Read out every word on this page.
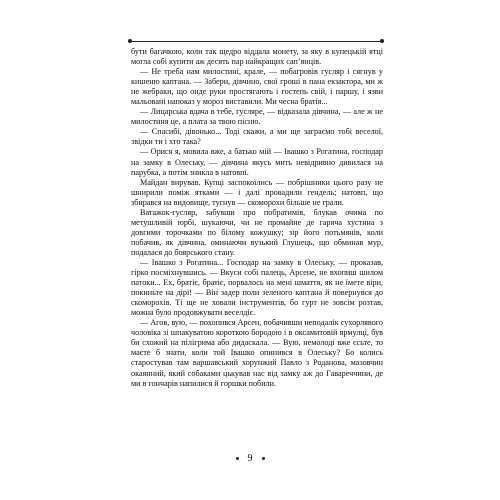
бути багачкою, коли так щедро віддала монету, за яку в купецькій ятці могла собі купити аж десять пар найкращих сап’янців.

— Не треба нам милостині, крале, — побагровів гусляр і сягнув у кишеню каптана. — Забери, дівчино, свої гроші в пана екзактора, ми ж не жебраки, що онде руки простягають і гостепь свій, і паршу, і язви мальовані напоказ у мороз виставили. Ми чесна братія...

— Лицарська вдача в тебе, гусляре, — відказала дівчина, — але ж не милостиня це, а плата за твою пісню.

— Спасибі, дівонько... Тоді скажи, а ми ще заграємо тобі веселої, звідки ти і хто така?

— Орися я, мовила вже, а батько мій — Івашко з Рогатина, господар на замку в Олеську, — дівчина якусь мить невідривно дивилася на парубка, а потім зникла в натовпі.

Майдан вирував. Купці заспокоїлись — побрішники цього разу не шнирили поміж ятками — і далі провадили гендель; натовп, що збирався на видовище, тугнув — скоморохи більше не грали.

Ватажок-гусляр, забувши про побратимів, блукав очима по метушливій юрбі, шукаючи, чи не промайне де гаряча хустина з довгими торочками по білому кожушку; зір його потьмянів, коли побачив, як дівчина, оминаючи вузький Глушець, що обминав мур, подалася до боярського стану.

— Івашко з Рогатина... Господар на замку в Олеську, — проказав, гірко посміхнувшись. — Вкуси собі палець, Арсене, не вхопиш шилом патоки... Ех, братіє, братіє, порвалось на мені шмаття, як не їмете віри, покиньте на дірі! — Він задер поли зеленого каптана й повернувся до скоморохів. Ті ще не ховали інструментів, бо гурт не зовсім розтав, можна було продовжувати веселдіє.

— Агов, вую, — похопився Арсен, побачивши неподалік сухорлявого чоловіка зі шпакуватою короткою бородою і в оксамитовій ярмулці, був би схожий на пілігрима або дидаскала. — Вую, немолоді вже єсьте, то маєте б знати, коли той Івашко опинився в Олеську? Бо колись старостував там варшавський хорунжий Павло з Роданова, мазовчин окаянний, який собаками цькував нас від замку аж до Гавареччини, де ми в гончарів напилися й горшки побили.

9
